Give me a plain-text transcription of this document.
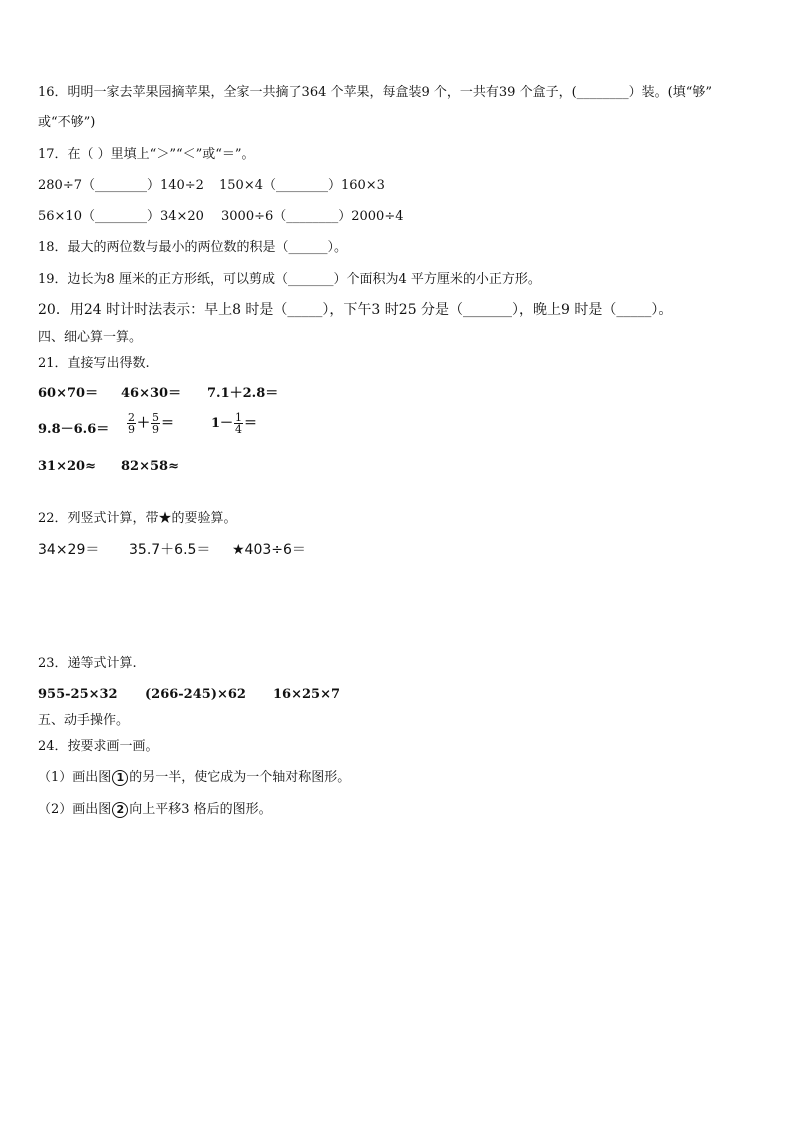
16．明明一家去苹果园摘苹果，全家一共摘了364 个苹果，每盒装9 个，一共有39 个盒子，(________）装。(填“够”
或“不够”)
17．在（ ）里填上“＞”“＜”或“＝”。
280÷7（________）140÷2 150×4（________）160×3
56×10（________）34×20 3000÷6（________）2000÷4
18．最大的两位数与最小的两位数的积是（______）。
19．边长为8 厘米的正方形纸，可以剪成（_______）个面积为4 平方厘米的小正方形。
20．用24 时计时法表示：早上8 时是（_____），下午3 时25 分是（_______），晚上9 时是（_____）。
四、细心算一算。
21．直接写出得数.
60×70＝ 46×30＝ 7.1＋2.8＝
$9.8-6.6= \frac{2}{9} + \frac{5}{9}$ ＝	$1- \frac{1}{4}$ ＝
31×20≈ 82×58≈
22．列竖式计算，带★的要验算。
34×29＝ 35.7＋6.5＝ ★403÷6＝
23．递等式计算.
955-25×32 (266-245)×62 16×25×7
五、动手操作。
24．按要求画一画。
（1）画出图 1 的另一半，使它成为一个轴对称图形。
（2）画出图 2 向上平移3 格后的图形。
